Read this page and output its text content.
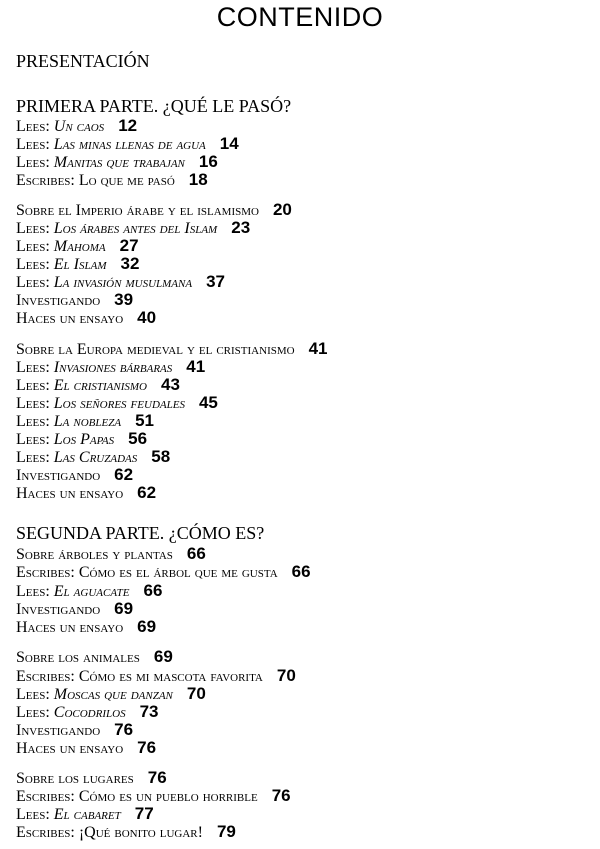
CONTENIDO
PRESENTACIÓN
PRIMERA PARTE. ¿QUÉ LE PASÓ?
Lees: Un caos 12
Lees: Las minas llenas de agua 14
Lees: Manitas que trabajan 16
Escribes: Lo que me pasó 18
Sobre el Imperio árabe y el islamismo 20
Lees: Los árabes antes del Islam 23
Lees: Mahoma 27
Lees: El Islam 32
Lees: La invasión musulmana 37
Investigando 39
Haces un ensayo 40
Sobre la Europa medieval y el cristianismo 41
Lees: Invasiones bárbaras 41
Lees: El cristianismo 43
Lees: Los señores feudales 45
Lees: La nobleza 51
Lees: Los Papas 56
Lees: Las Cruzadas 58
Investigando 62
Haces un ensayo 62
Sobre árboles y plantas 66
Escribes: Cómo es el árbol que me gusta 66
Lees: El aguacate 66
Investigando 69
Haces un ensayo 69
Sobre los animales 69
Escribes: Cómo es mi mascota favorita 70
Lees: Moscas que danzan 70
Lees: Cocodrilos 73
Investigando 76
Haces un ensayo 76
Sobre los lugares 76
Escribes: Cómo es un pueblo horrible 76
Lees: El cabaret 77
Escribes: ¡Qué bonito lugar! 79
SEGUNDA PARTE. ¿CÓMO ES?
